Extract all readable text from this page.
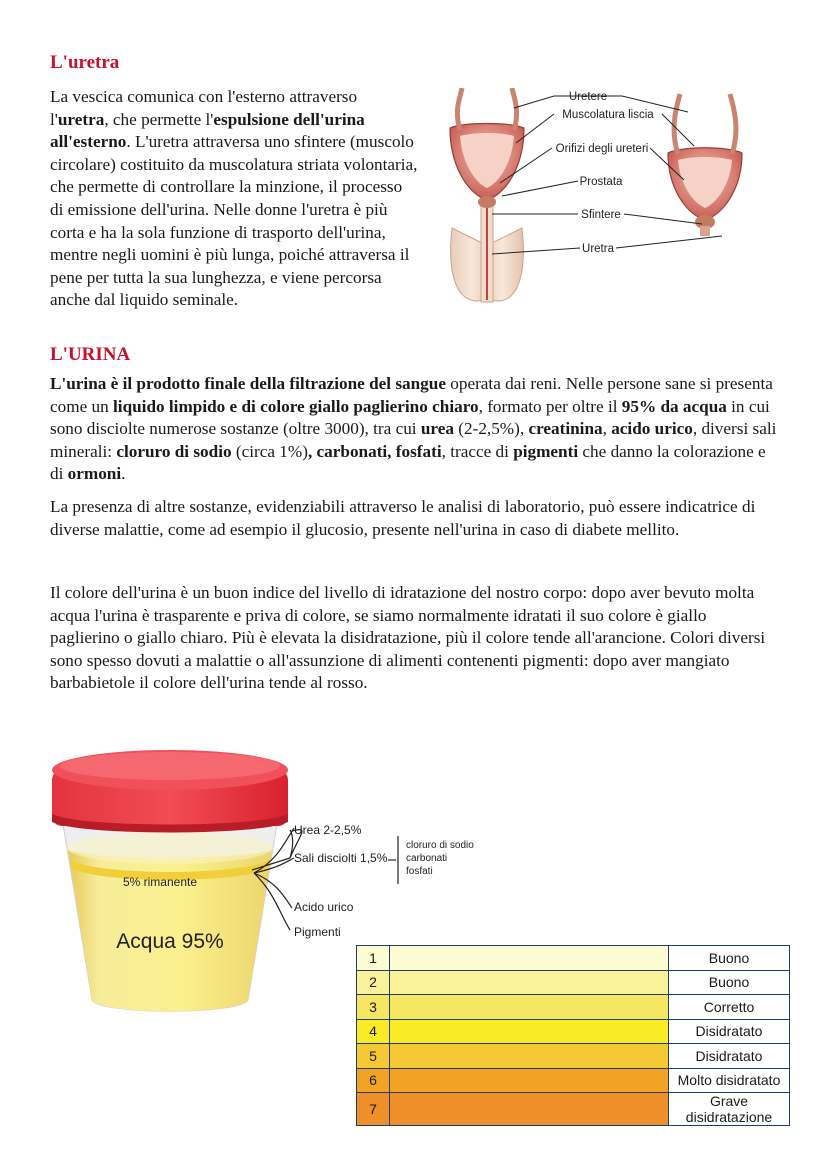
L'uretra

La vescica comunica con l'esterno attraverso l'uretra, che permette l'espulsione dell'urina all'esterno. L'uretra attraversa uno sfintere (muscolo circolare) costituito da muscolatura striata volontaria, che permette di controllare la minzione, il processo di emissione dell'urina. Nelle donne l'uretra è più corta e ha la sola funzione di trasporto dell'urina, mentre negli uomini è più lunga, poiché attraversa il pene per tutta la sua lunghezza, e viene percorsa anche dal liquido seminale.

Uretere
Muscolatura liscia
Orifizi degli ureteri
Prostata
Sfintere
Uretra
L'URINA

L'urina è il prodotto finale della filtrazione del sangue operata dai reni. Nelle persone sane si presenta come un liquido limpido e di colore giallo paglierino chiaro, formato per oltre il 95% da acqua in cui sono disciolte numerose sostanze (oltre 3000), tra cui urea (2-2,5%), creatinina, acido urico, diversi sali minerali: cloruro di sodio (circa 1%), carbonati, fosfati, tracce di pigmenti che danno la colorazione e di ormoni.

La presenza di altre sostanze, evidenziabili attraverso le analisi di laboratorio, può essere indicatrice di diverse malattie, come ad esempio il glucosio, presente nell'urina in caso di diabete mellito.

Il colore dell'urina è un buon indice del livello di idratazione del nostro corpo: dopo aver bevuto molta acqua l'urina è trasparente e priva di colore, se siamo normalmente idratati il suo colore è giallo paglierino o giallo chiaro. Più è elevata la disidratazione, più il colore tende all'arancione. Colori diversi sono spesso dovuti a malattie o all'assunzione di alimenti contenenti pigmenti: dopo aver mangiato barbabietole il colore dell'urina tende al rosso.

5% rimanente
Acqua 95%
Urea 2-2,5%
Sali disciolti 1,5%
Acido urico
Pigmenti
cloruro di sodio
carbonati
fosfati
1		Buono
2		Buono
3		Corretto
4		Disidratato
5		Disidratato
6		Molto disidratato
7		Grave disidratazione
